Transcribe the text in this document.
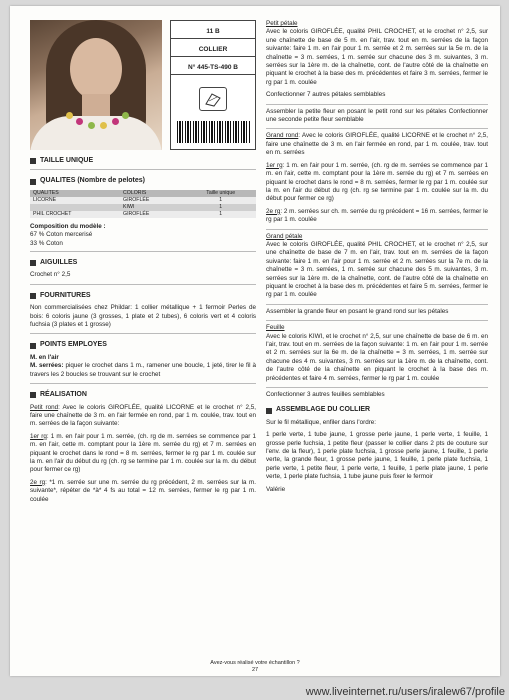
11 B
COLLIER
N° 445-TS-490 B
TAILLE UNIQUE
QUALITES (Nombre de pelotes)
QUALITES	COLORIS	Taille unique
LICORNE	GIROFLÉE	1
	KIWI	1
PHIL CROCHET	GIROFLÉE	1
Composition du modèle :
67 % Coton mercerisé
33 % Coton
AIGUILLES

Crochet n° 2,5

FOURNITURES

Non commercialisées chez Phildar: 1 collier métallique + 1 fermoir Perles de bois: 6 coloris jaune (3 grosses, 1 plate et 2 tubes), 6 coloris vert et 4 coloris fuchsia (3 plates et 1 grosse)

POINTS EMPLOYES
M. en l'air

M. serrées: piquer le crochet dans 1 m., ramener une boucle, 1 jeté, tirer le fil à travers les 2 boucles se trouvant sur le crochet

RÉALISATION

Petit rond: Avec le coloris GIROFLÉE, qualité LICORNE et le crochet n° 2,5, faire une chaînette de 3 m. en l'air fermée en rond, par 1 m. coulée, trav. tout en m. serrées de la façon suivante:

1er rg: 1 m. en l'air pour 1 m. serrée, (ch. rg de m. serrées se commence par 1 m. en l'air, cette m. comptant pour la 1ère m. serrée du rg) et 7 m. serrées en piquant le crochet dans le rond = 8 m. serrées, fermer le rg par 1 m. coulée sur la m. en l'air du début du rg (ch. rg se termine par 1 m. coulée sur la m. du début pour fermer ce rg)

2e rg: *1 m. serrée sur une m. serrée du rg précédent, 2 m. serrées sur la m. suivante*, répéter de *à* 4 fs au total = 12 m. serrées, fermer le rg par 1 m. coulée

Petit pétale

Avec le coloris GIROFLÉE, qualité PHIL CROCHET, et le crochet n° 2,5, sur une chaînette de base de 5 m. en l'air, trav. tout en m. serrées de la façon suivante: faire 1 m. en l'air pour 1 m. serrée et 2 m. serrées sur la 5e m. de la chaînette = 3 m. serrées, 1 m. serrée sur chacune des 3 m. suivantes, 3 m. serrées sur la 1ère m. de la chaînette, cont. de l'autre côté de la chaînette en piquant le crochet à la base des m. précédentes et faire 3 m. serrées, fermer le rg par 1 m. coulée

Confectionner 7 autres pétales semblables

Assembler la petite fleur en posant le petit rond sur les pétales Confectionner une seconde petite fleur semblable

Grand rond: Avec le coloris GIROFLÉE, qualité LICORNE et le crochet n° 2,5, faire une chaînette de 3 m. en l'air fermée en rond, par 1 m. coulée, trav. tout en m. serrées

1er rg: 1 m. en l'air pour 1 m. serrée, (ch. rg de m. serrées se commence par 1 m. en l'air, cette m. comptant pour la 1ère m. serrée du rg) et 7 m. serrées en piquant le crochet dans le rond = 8 m. serrées, fermer le rg par 1 m. coulée sur la m. en l'air du début du rg (ch. rg se termine par 1 m. coulée sur la m. du début pour fermer ce rg)

2e rg: 2 m. serrées sur ch. m. serrée du rg précédent = 16 m. serrées, fermer le rg par 1 m. coulée

Grand pétale

Avec le coloris GIROFLÉE, qualité PHIL CROCHET, et le crochet n° 2,5, sur une chaînette de base de 7 m. en l'air, trav. tout en m. serrées de la façon suivante: faire 1 m. en l'air pour 1 m. serrée et 2 m. serrées sur la 7e m. de la chaînette = 3 m. serrées, 1 m. serrée sur chacune des 5 m. suivantes, 3 m. serrées sur la 1ère m. de la chaînette, cont. de l'autre côté de la chaînette en piquant le crochet à la base des m. précédentes et faire 5 m. serrées, fermer le rg par 1 m. coulée

Assembler la grande fleur en posant le grand rond sur les pétales

Feuille

Avec le coloris KIWI, et le crochet n° 2,5, sur une chaînette de base de 6 m. en l'air, trav. tout en m. serrées de la façon suivante: 1 m. en l'air pour 1 m. serrée et 2 m. serrées sur la 6e m. de la chaînette = 3 m. serrées, 1 m. serrée sur chacune des 4 m. suivantes, 3 m. serrées sur la 1ère m. de la chaînette, cont. de l'autre côté de la chaînette en piquant le crochet à la base des m. précédentes et faire 4 m. serrées, fermer le rg par 1 m. coulée

Confectionner 3 autres feuilles semblables

ASSEMBLAGE DU COLLIER

Sur le fil métallique, enfiler dans l'ordre:

1 perle verte, 1 tube jaune, 1 grosse perle jaune, 1 perle verte, 1 feuille, 1 grosse perle fuchsia, 1 petite fleur (passer le collier dans 2 pts de couture sur l'env. de la fleur), 1 perle plate fuchsia, 1 grosse perle jaune, 1 feuille, 1 perle verte, la grande fleur, 1 grosse perle jaune, 1 feuille, 1 perle plate fuchsia, 1 perle verte, 1 petite fleur, 1 perle verte, 1 feuille, 1 perle plate jaune, 1 perle verte, 1 perle plate fuchsia, 1 tube jaune puis fixer le fermoir

Valérie

Avez-vous réalisé votre échantillon ?
27
www.liveinternet.ru/users/iralew67/profile
